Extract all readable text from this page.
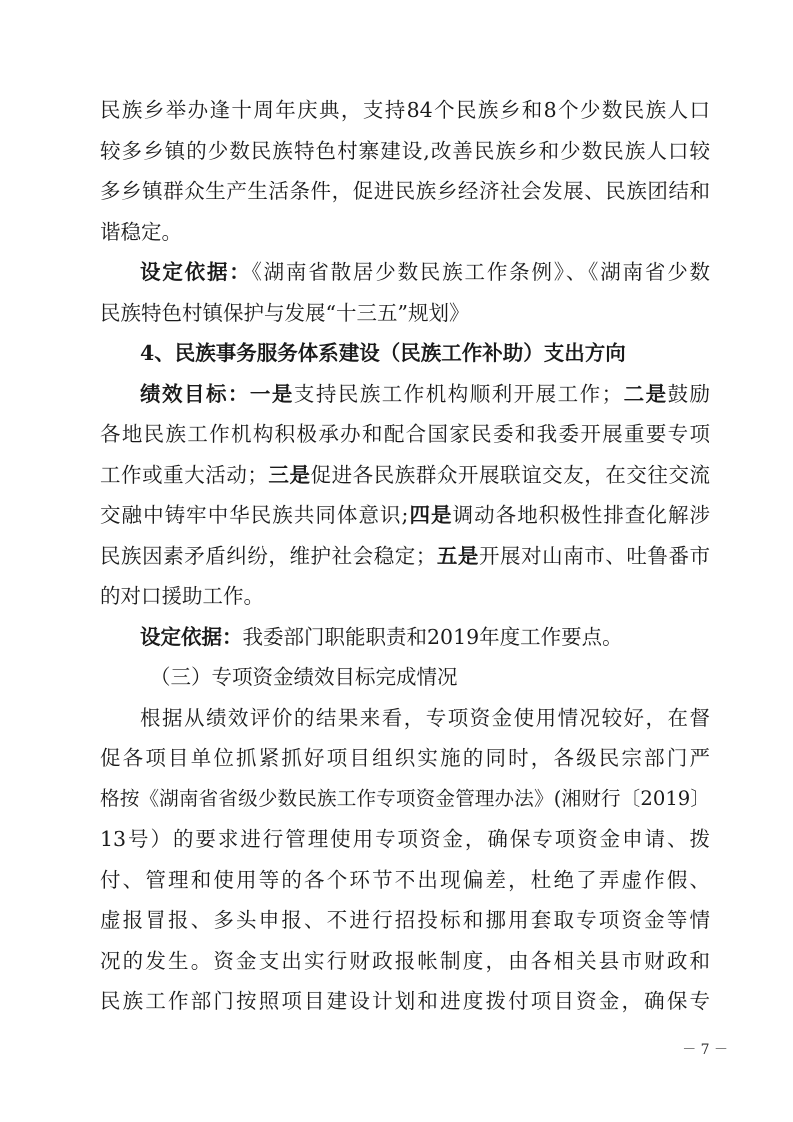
民族乡举办逢十周年庆典，支持84个民族乡和8个少数民族人口
较多乡镇的少数民族特色村寨建设,改善民族乡和少数民族人口较
多乡镇群众生产生活条件，促进民族乡经济社会发展、民族团结和
谐稳定。
设定依据：《湖南省散居少数民族工作条例》、《湖南省少数
民族特色村镇保护与发展“十三五”规划》
4、民族事务服务体系建设（民族工作补助）支出方向
绩效目标：一是支持民族工作机构顺利开展工作；二是鼓励
各地民族工作机构积极承办和配合国家民委和我委开展重要专项
工作或重大活动；三是促进各民族群众开展联谊交友，在交往交流
交融中铸牢中华民族共同体意识;四是调动各地积极性排查化解涉
民族因素矛盾纠纷，维护社会稳定；五是开展对山南市、吐鲁番市
的对口援助工作。
设定依据：我委部门职能职责和2019年度工作要点。
（三）专项资金绩效目标完成情况
根据从绩效评价的结果来看，专项资金使用情况较好，在督
促各项目单位抓紧抓好项目组织实施的同时，各级民宗部门严
格按《湖南省省级少数民族工作专项资金管理办法》(湘财行〔2019〕
13号）的要求进行管理使用专项资金，确保专项资金申请、拨
付、管理和使用等的各个环节不出现偏差，杜绝了弄虚作假、
虚报冒报、多头申报、不进行招投标和挪用套取专项资金等情
况的发生。资金支出实行财政报帐制度，由各相关县市财政和
民族工作部门按照项目建设计划和进度拨付项目资金，确保专
－ 7 －
